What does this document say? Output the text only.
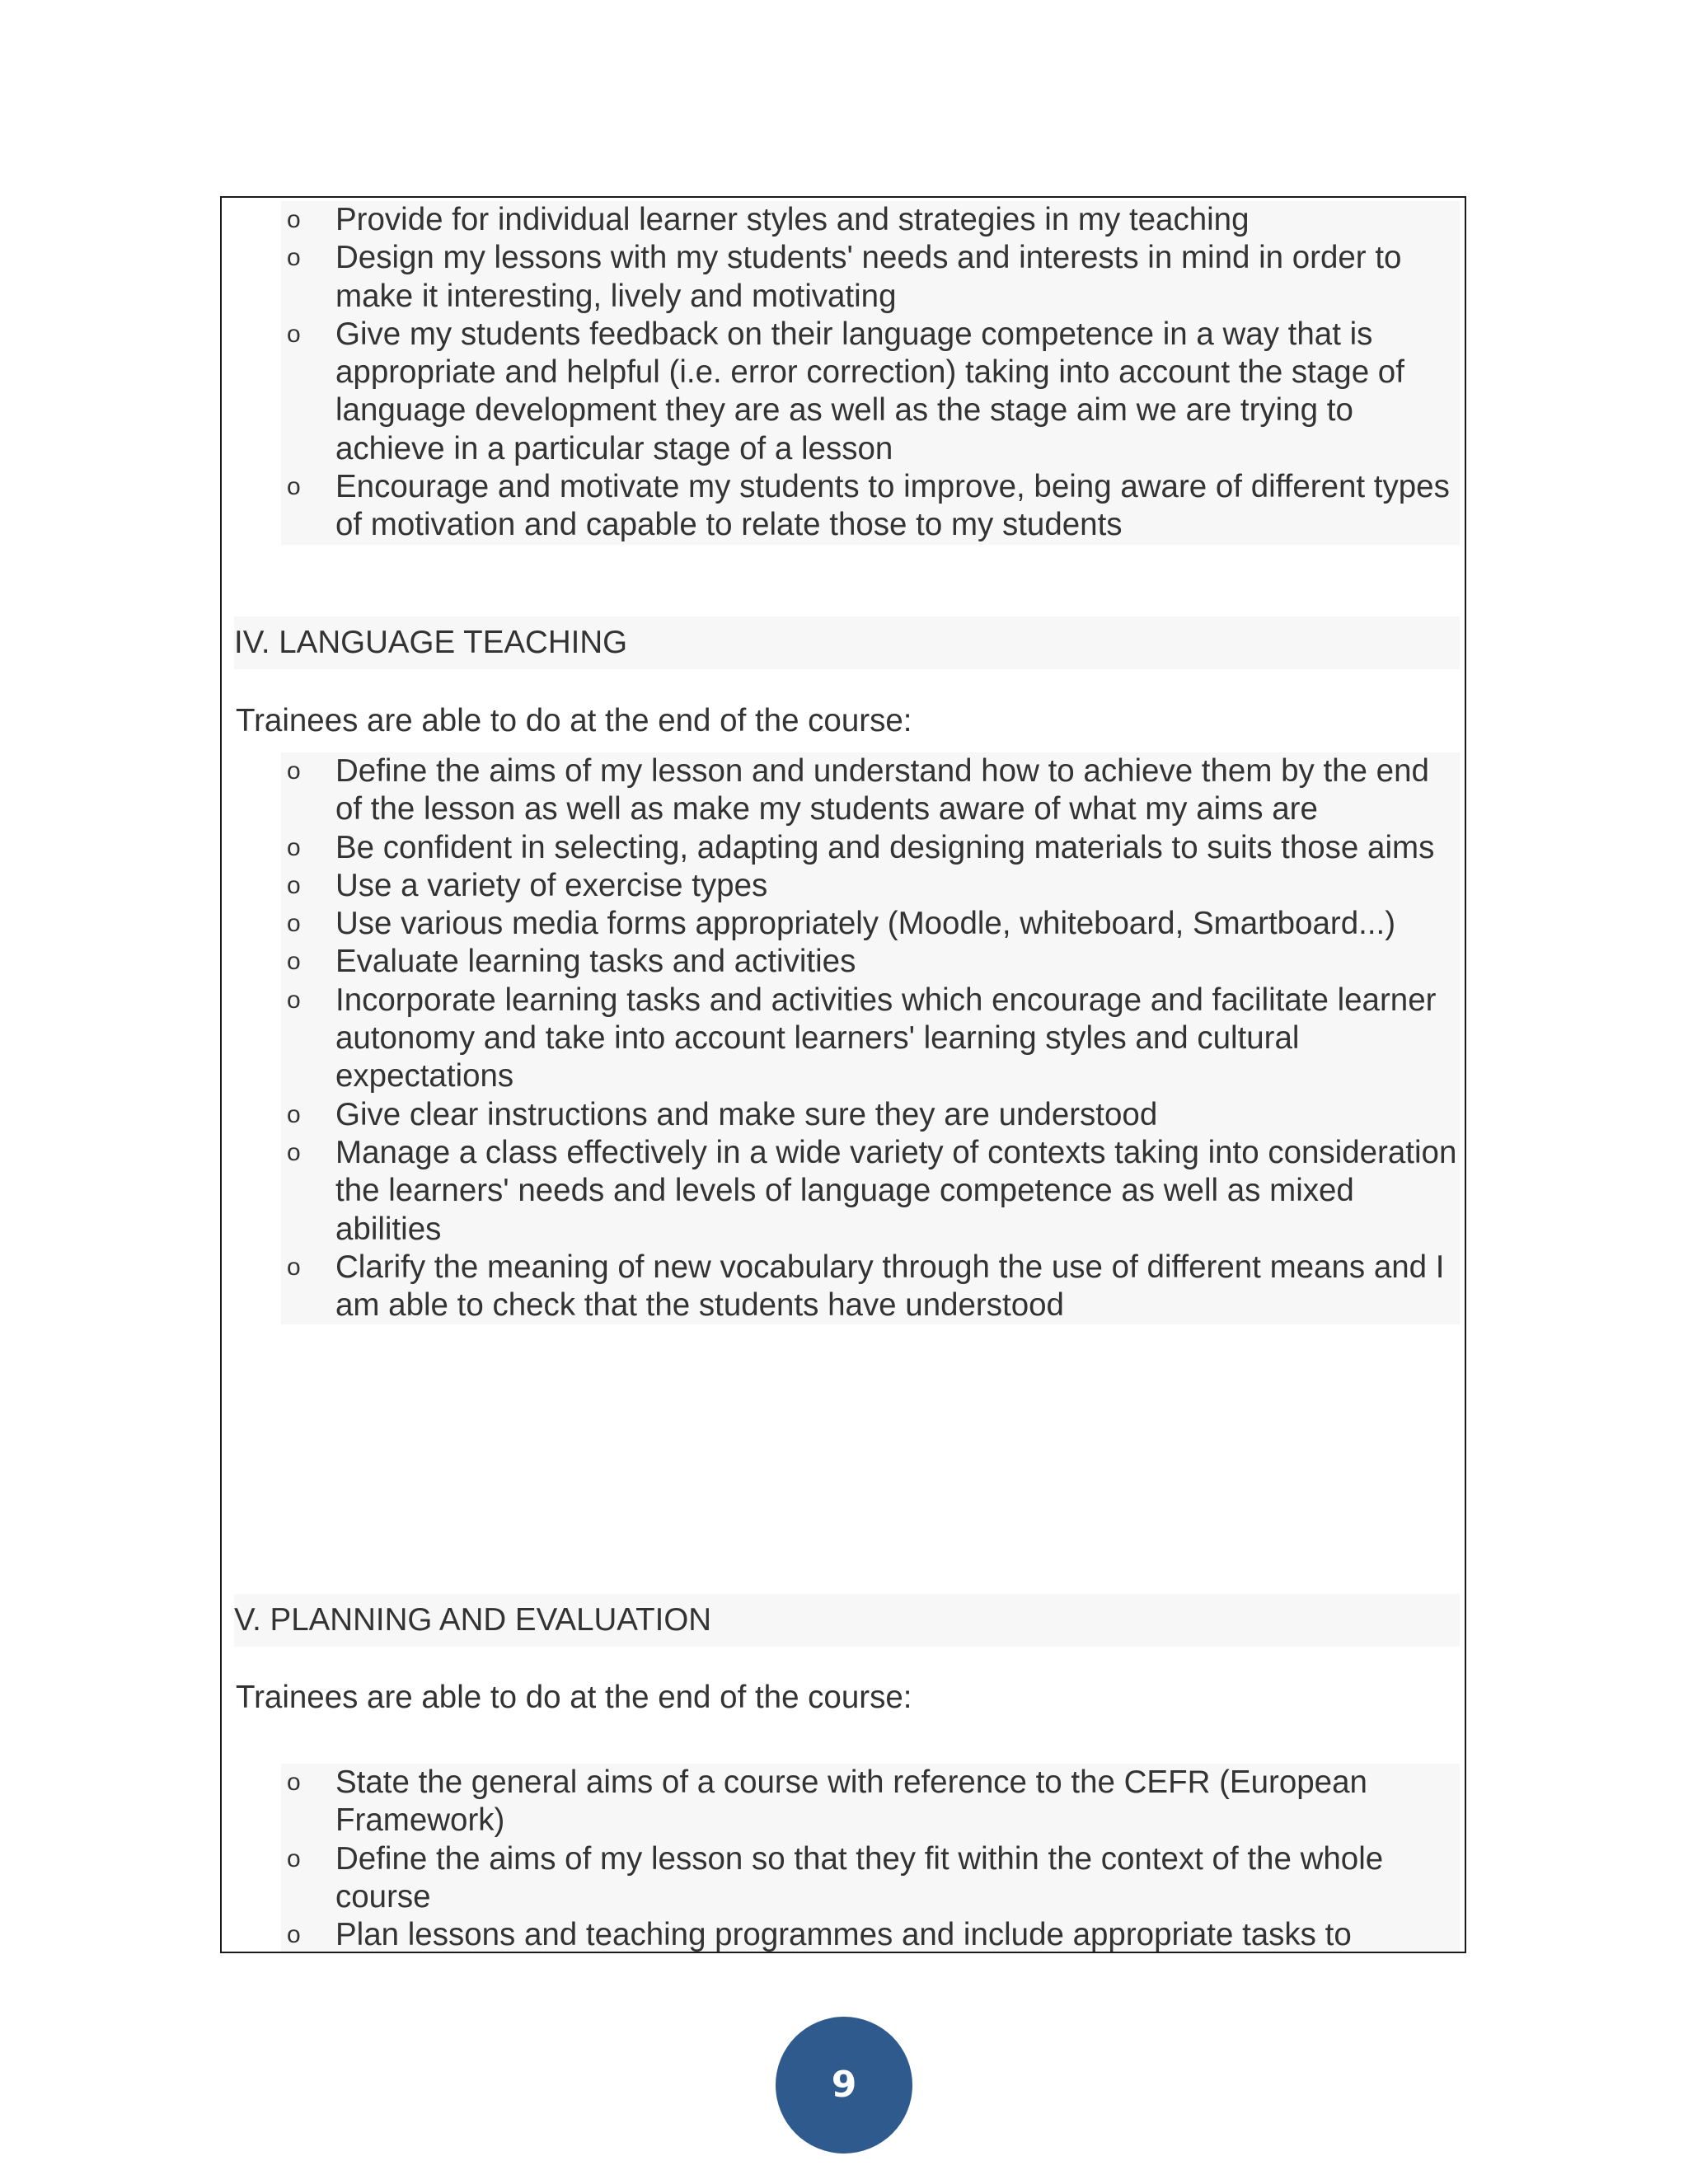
o Provide for individual learner styles and strategies in my teaching
o Design my lessons with my students' needs and interests in mind in order to make it interesting, lively and motivating
o Give my students feedback on their language competence in a way that is appropriate and helpful (i.e. error correction) taking into account the stage of language development they are as well as the stage aim we are trying to achieve in a particular stage of a lesson
o Encourage and motivate my students to improve, being aware of different types of motivation and capable to relate those to my students
IV. LANGUAGE TEACHING
Trainees are able to do at the end of the course:
o Define the aims of my lesson and understand how to achieve them by the end of the lesson as well as make my students aware of what my aims are
o Be confident in selecting, adapting and designing materials to suits those aims
o Use a variety of exercise types
o Use various media forms appropriately (Moodle, whiteboard, Smartboard...)
o Evaluate learning tasks and activities
o Incorporate learning tasks and activities which encourage and facilitate learner autonomy and take into account learners' learning styles and cultural expectations
o Give clear instructions and make sure they are understood
o Manage a class effectively in a wide variety of contexts taking into consideration the learners' needs and levels of language competence as well as mixed abilities
o Clarify the meaning of new vocabulary through the use of different means and I am able to check that the students have understood
V. PLANNING AND EVALUATION
Trainees are able to do at the end of the course:
o State the general aims of a course with reference to the CEFR (European Framework)
o Define the aims of my lesson so that they fit within the context of the whole course
o Plan lessons and teaching programmes and include appropriate tasks to
9
